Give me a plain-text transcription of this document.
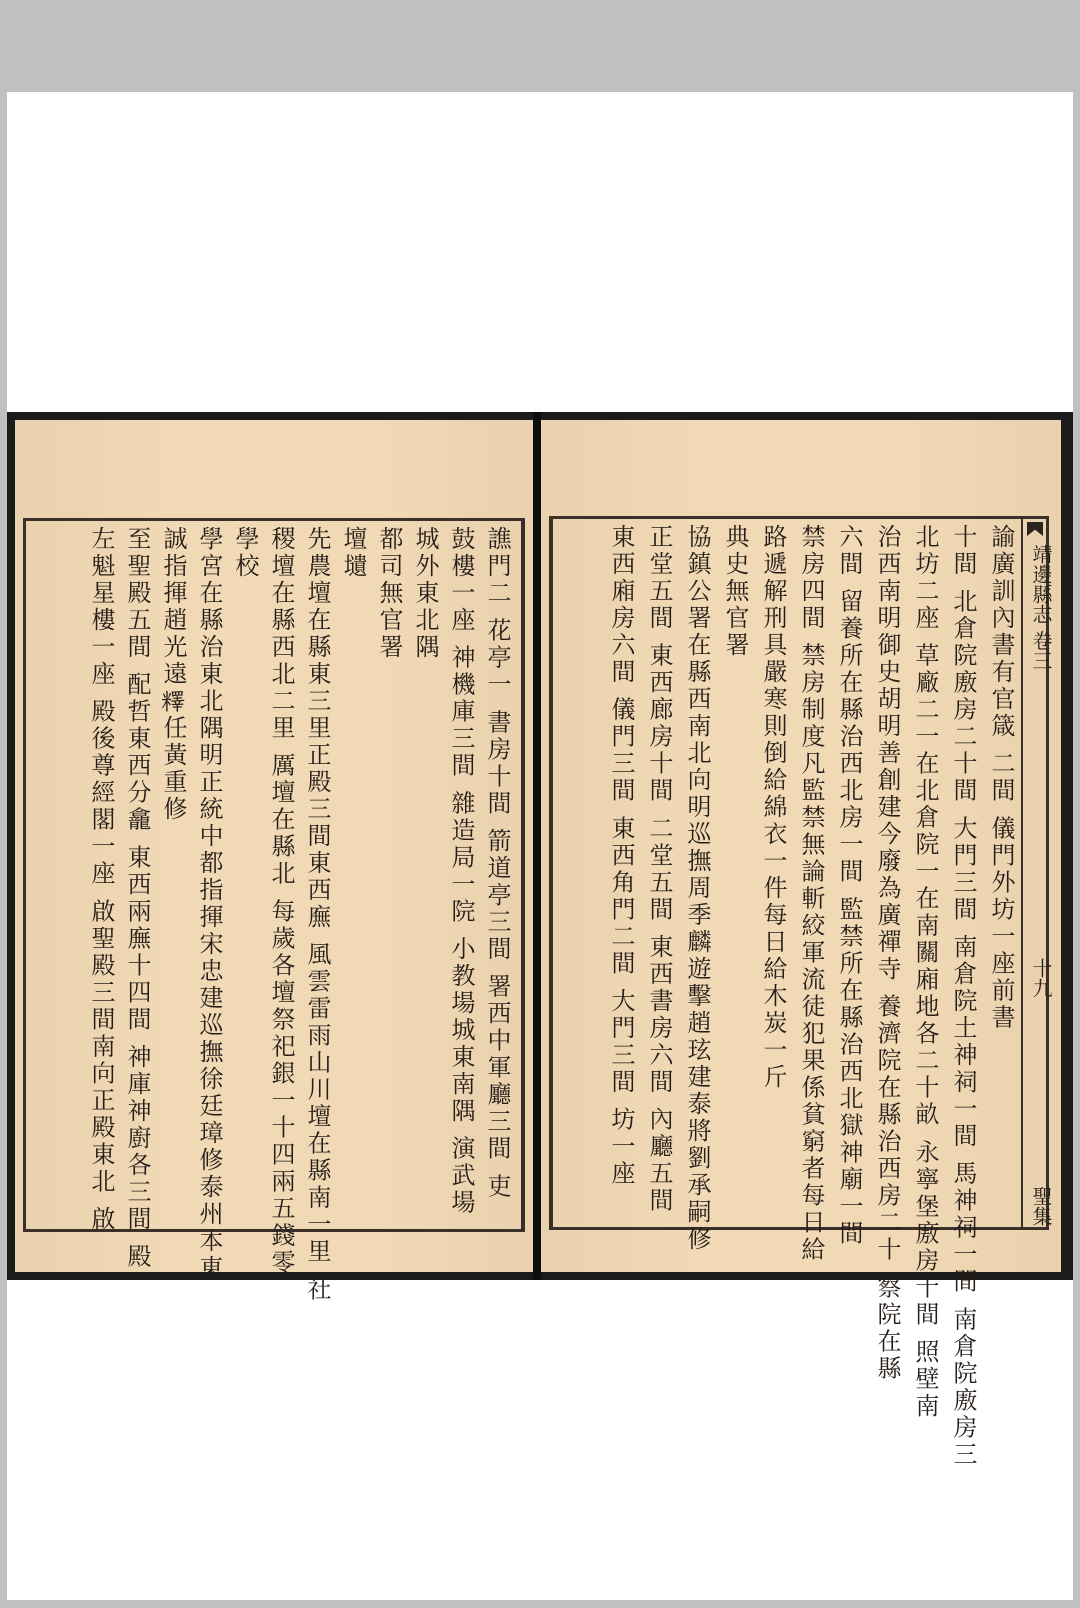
譙門二 花亭一 書房十間 箭道亭三間 署西中軍廳三間 吏
鼓樓一座 神機庫三間 雜造局一院 小教場城東南隅 演武場
城外東北隅
都司無官署
壇壝
先農壇在縣東三里正殿三間東西廡 風雲雷雨山川壇在縣南一里 社
稷壇在縣西北二里 厲壇在縣北 每歲各壇祭祀銀一十四兩五錢零
學校
學宮在縣治東北隅明正統中都指揮宋忠建巡撫徐廷璋修泰州本東
誠指揮趙光遠𥼶任黃重修
至聖殿五間 配哲東西分龕 東西兩廡十四間 神庫神廚各三間 殿
左魁星樓一座 殿後尊經閣一座 啟聖殿三間南向正殿東北 啟	靖邊縣志 卷三
十九
聖集
諭廣訓內書有官箴 二間 儀門外坊一座前書
十間 北倉院廒房二十間 大門三間 南倉院土神祠一間 馬神祠一間 南倉院廒房三
北坊二座 草廠二一在北倉院一在南關廂地各二十畝 永寧堡廒房十間 照壁南
治西南明御史胡明善創建今廢為廣禪寺 養濟院在縣治西房二十 察院在縣
六間 留養所在縣治西北房一間 監禁所在縣治西北獄神廟一間
禁房四間 禁房制度凡監禁無論斬絞軍流徒犯果係貧窮者每日給
路遞解刑具嚴寒則倒給綿衣一件每日給木炭一斤
典史無官署
協鎮公署在縣西南北向明巡撫周季麟遊擊趙玹建泰將劉承嗣修
正堂五間 東西廊房十間 二堂五間 東西書房六間 內廳五間
東西廂房六間 儀門三間 東西角門二間 大門三間 坊一座
